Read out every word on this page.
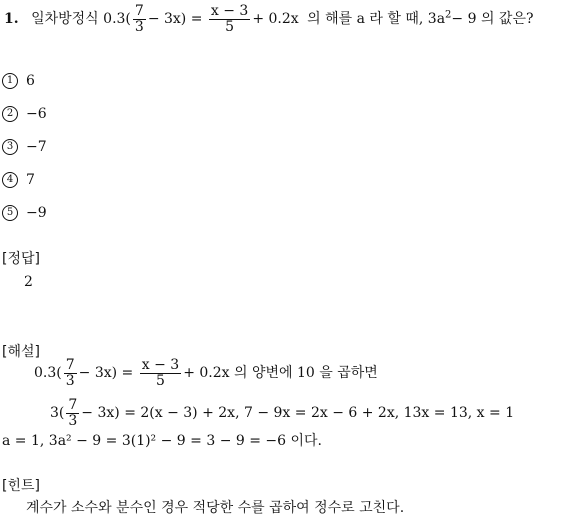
1. 일차방정식 $0.3( \frac{7}{3} - 3x) = \frac{x - 3}{5} + 0.2x$ 의 해를 a 라 할 때, $3a^2- 9$ 의 값은?
1 6
2 −6
3 −7
4 7
5 −9
[정답]
2
[해설]
$0.3( \frac{7}{3} - 3x) = \frac{x - 3}{5} + 0.2x$ 의 양변에 10 을 곱하면
$3( \frac{7}{3} - 3x) = 2(x - 3) + 2x$, 7 − 9x = 2x − 6 + 2x, 13x = 13, x = 1
a = 1, 3a² − 9 = 3(1)² − 9 = 3 − 9 = −6 이다.
[힌트]
계수가 소수와 분수인 경우 적당한 수를 곱하여 정수로 고친다.
